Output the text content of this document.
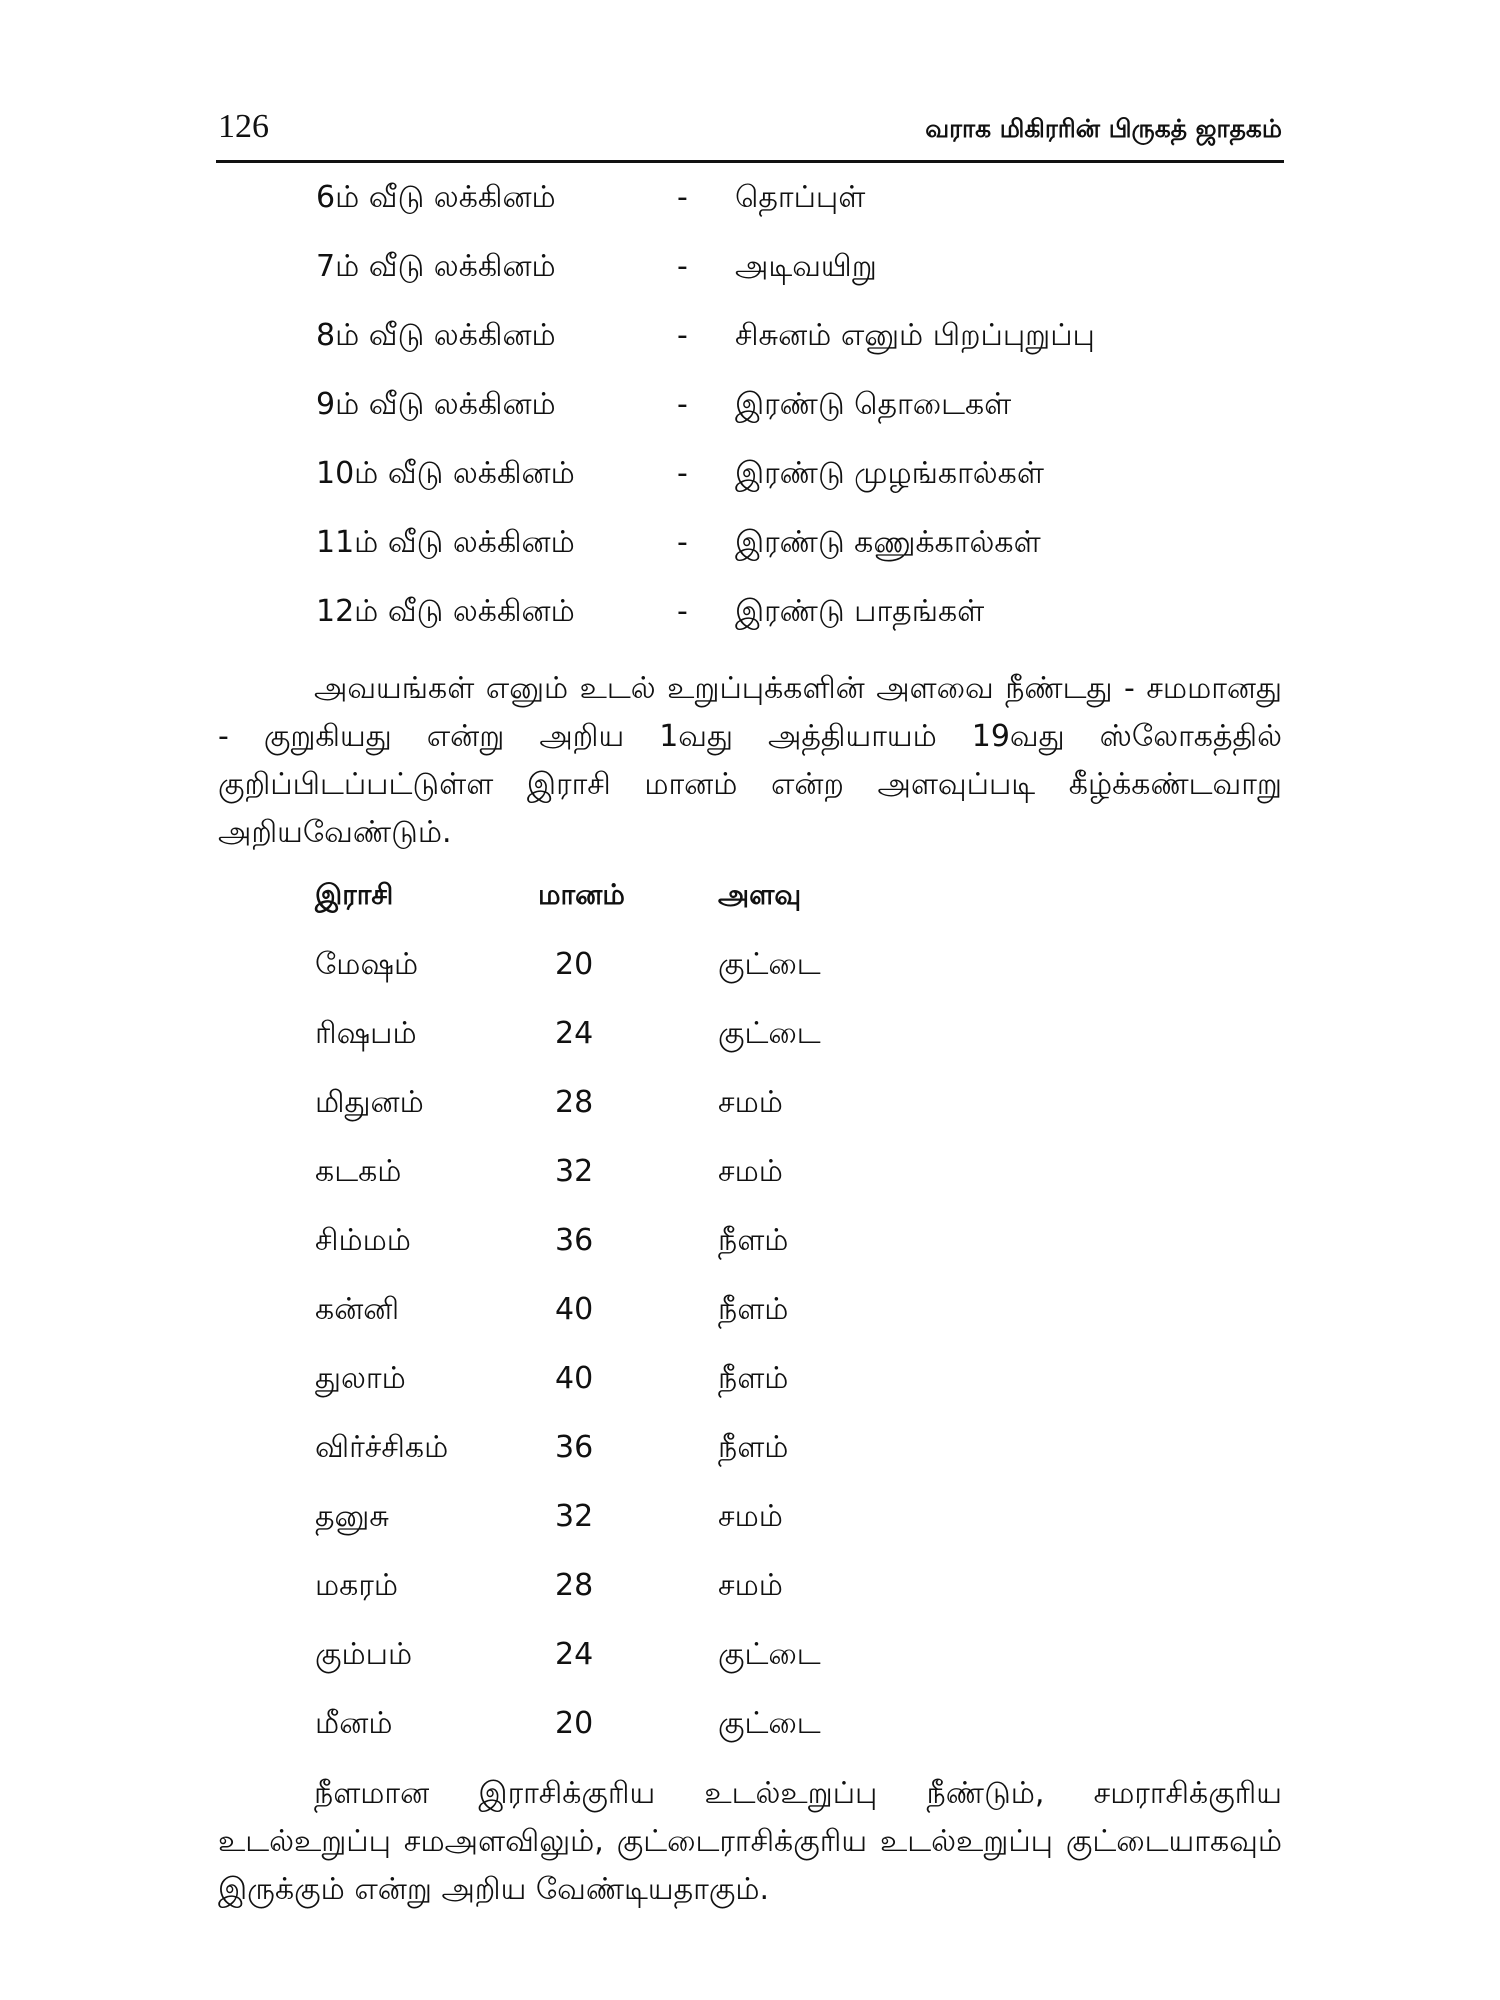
126	வராக மிகிரரின் பிருகத் ஜாதகம்
6ம் வீடு லக்கினம்	- தொப்புள்
7ம் வீடு லக்கினம்	- அடிவயிறு
8ம் வீடு லக்கினம்	- சிசுனம் எனும் பிறப்புறுப்பு
9ம் வீடு லக்கினம்	- இரண்டு தொடைகள்
10ம் வீடு லக்கினம்	- இரண்டு முழங்கால்கள்
11ம் வீடு லக்கினம்	- இரண்டு கணுக்கால்கள்
12ம் வீடு லக்கினம்	- இரண்டு பாதங்கள்

அவயங்கள் எனும் உடல் உறுப்புக்களின் அளவை நீண்டது - சமமானது - குறுகியது என்று அறிய 1வது அத்தியாயம் 19வது ஸ்லோகத்தில் குறிப்பிடப்பட்டுள்ள இராசி மானம் என்ற அளவுப்படி கீழ்க்கண்டவாறு அறியவேண்டும்.

இராசி	மானம்	அளவு
மேஷம்	20	குட்டை
ரிஷபம்	24	குட்டை
மிதுனம்	28	சமம்
கடகம்	32	சமம்
சிம்மம்	36	நீளம்
கன்னி	40	நீளம்
துலாம்	40	நீளம்
விர்ச்சிகம்	36	நீளம்
தனுசு	32	சமம்
மகரம்	28	சமம்
கும்பம்	24	குட்டை
மீனம்	20	குட்டை

நீளமான இராசிக்குரிய உடல்உறுப்பு நீண்டும், சமராசிக்குரிய உடல்உறுப்பு சமஅளவிலும், குட்டைராசிக்குரிய உடல்உறுப்பு குட்டையாகவும் இருக்கும் என்று அறிய வேண்டியதாகும்.
